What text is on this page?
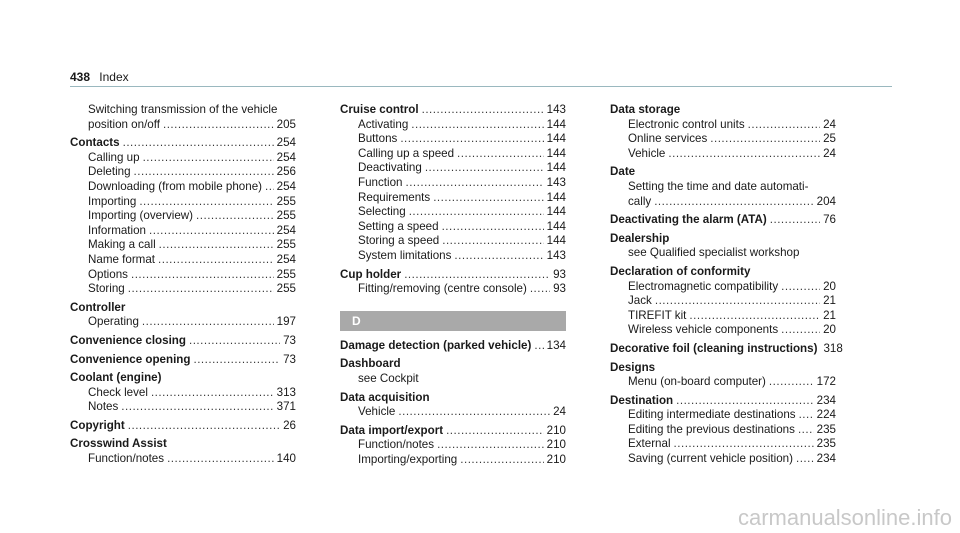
438 Index
Switching transmission of the vehicle
position on/off .....	205
Contacts .....	254
Calling up .....	254
Deleting .....	256
Downloading (from mobile phone) ..... 254
Importing .....	255
Importing (overview) .....	255
Information .....	254
Making a call .....	255
Name format .....	254
Options .....	255
Storing .....	255
Controller
Operating .....	197
Convenience closing .....	73
Convenience opening .....	73
Coolant (engine)
Check level .....	313
Notes .....	371
Copyright .....	26
Crosswind Assist
Function/notes .....	140
Cruise control .....	143
Activating .....	144
Buttons .....	144
Calling up a speed .....	144
Deactivating .....	144
Function .....	143
Requirements .....	144
Selecting .....	144
Setting a speed .....	144
Storing a speed .....	144
System limitations .....	143
Cup holder .....	93
Fitting/removing (centre console) ..... 93
D
Damage detection (parked vehicle) ..... 134
Dashboard
see Cockpit
Data acquisition
Vehicle .....	24
Data import/export .....	210
Function/notes .....	210
Importing/exporting .....	210
Data storage
Electronic control units .....	24
Online services .....	25
Vehicle .....	24
Date
Setting the time and date automati-
cally .....	204
Deactivating the alarm (ATA) .....	76
Dealership
see Qualified specialist workshop
Declaration of conformity
Electromagnetic compatibility .....	20
Jack .....	21
TIREFIT kit .....	21
Wireless vehicle components .....	20
Decorative foil (cleaning instructions) 318
Designs
Menu (on-board computer) .....	172
Destination .....	234
Editing intermediate destinations ..... 224
Editing the previous destinations ..... 235
External .....	235
Saving (current vehicle position) ..... 234
carmanualsonline.info
